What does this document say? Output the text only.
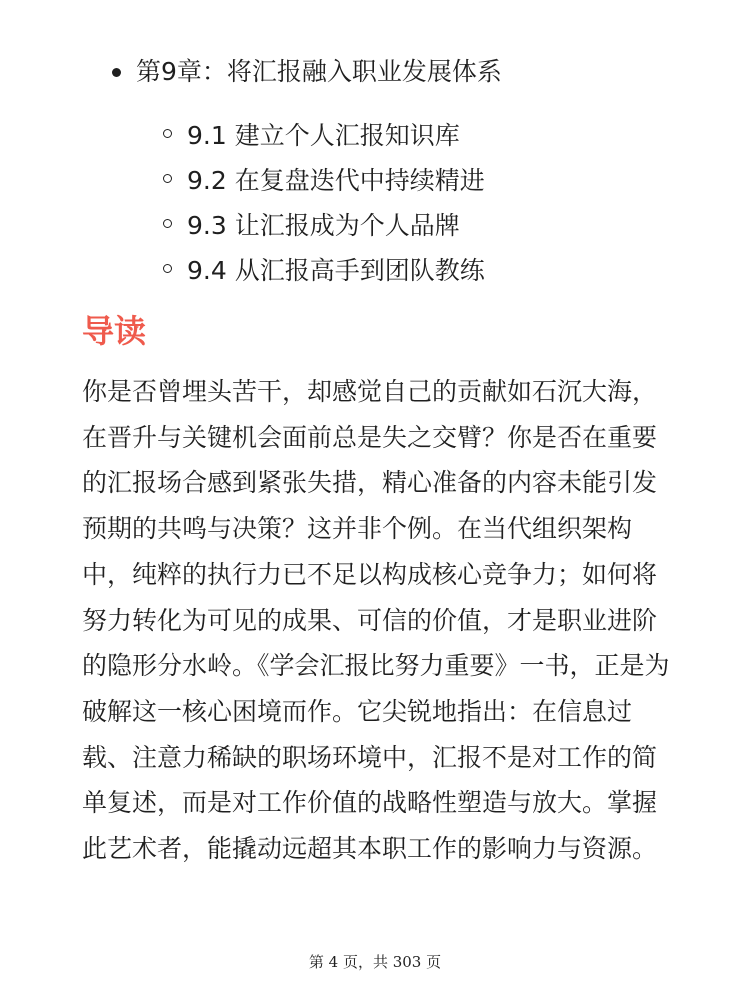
第9章：将汇报融入职业发展体系
9.1 建立个人汇报知识库
9.2 在复盘迭代中持续精进
9.3 让汇报成为个人品牌
9.4 从汇报高手到团队教练
导读
你是否曾埋头苦干，却感觉自己的贡献如石沉大海，在晋升与关键机会面前总是失之交臂？你是否在重要的汇报场合感到紧张失措，精心准备的内容未能引发预期的共鸣与决策？这并非个例。在当代组织架构中，纯粹的执行力已不足以构成核心竞争力；如何将努力转化为可见的成果、可信的价值，才是职业进阶的隐形分水岭。《学会汇报比努力重要》一书，正是为破解这一核心困境而作。它尖锐地指出：在信息过载、注意力稀缺的职场环境中，汇报不是对工作的简单复述，而是对工作价值的战略性塑造与放大。掌握此艺术者，能撬动远超其本职工作的影响力与资源。
第 4 页，共 303 页
